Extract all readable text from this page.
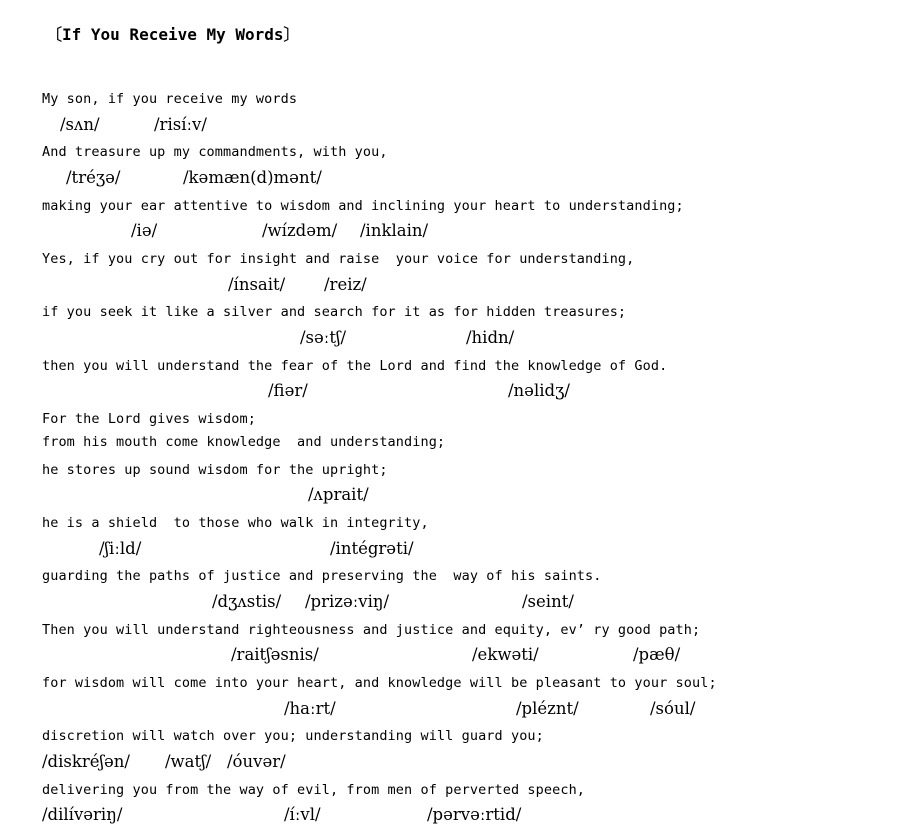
〔If You Receive My Words〕
My son, if you receive my words
/sʌn/	/risíːv/
And treasure up my commandments, with you,
/tréʒə/	/kəmæn(d)mənt/
making your ear attentive to wisdom and inclining your heart to understanding;
/iə/	/wízdəm/ /inklain/
Yes, if you cry out for insight and raise  your voice for understanding,
/ínsait/ /reiz/
if you seek it like a silver and search for it as for hidden treasures;
/səːtʃ/	/hidn/
then you will understand the fear of the Lord and find the knowledge of God.
/fiər/	/nəlidʒ/
For the Lord gives wisdom;
from his mouth come knowledge  and understanding;
he stores up sound wisdom for the upright;
/ʌprait/
he is a shield  to those who walk in integrity,
/ʃiːld/	/intégrəti/
guarding the paths of justice and preserving the  way of his saints.
/dʒʌstis/ /prizəːviŋ/	/seint/
Then you will understand righteousness and justice and equity, ev’ ry good path;
/raitʃəsnis/	/ekwəti/	/pæθ/
for wisdom will come into your heart, and knowledge will be pleasant to your soul;
/haːrt/	/pléznt/	/sóul/
discretion will watch over you; understanding will guard you;
/diskréʃən/ /watʃ/ /óuvər/
delivering you from the way of evil, from men of perverted speech,
/dilívəriŋ/	/íːvl/	/pərvəːrtid/
